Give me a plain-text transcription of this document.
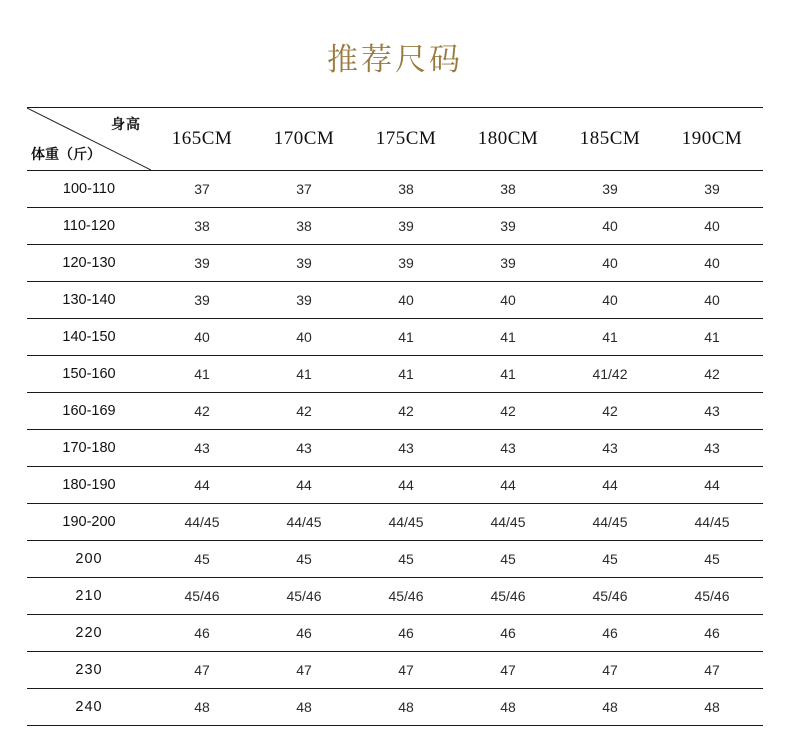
推荐尺码
身高
体重（斤）	165CM	170CM	175CM	180CM	185CM	190CM
100-110	37	37	38	38	39	39
110-120	38	38	39	39	40	40
120-130	39	39	39	39	40	40
130-140	39	39	40	40	40	40
140-150	40	40	41	41	41	41
150-160	41	41	41	41	41/42	42
160-169	42	42	42	42	42	43
170-180	43	43	43	43	43	43
180-190	44	44	44	44	44	44
190-200	44/45	44/45	44/45	44/45	44/45	44/45
200	45	45	45	45	45	45
210	45/46	45/46	45/46	45/46	45/46	45/46
220	46	46	46	46	46	46
230	47	47	47	47	47	47
240	48	48	48	48	48	48
